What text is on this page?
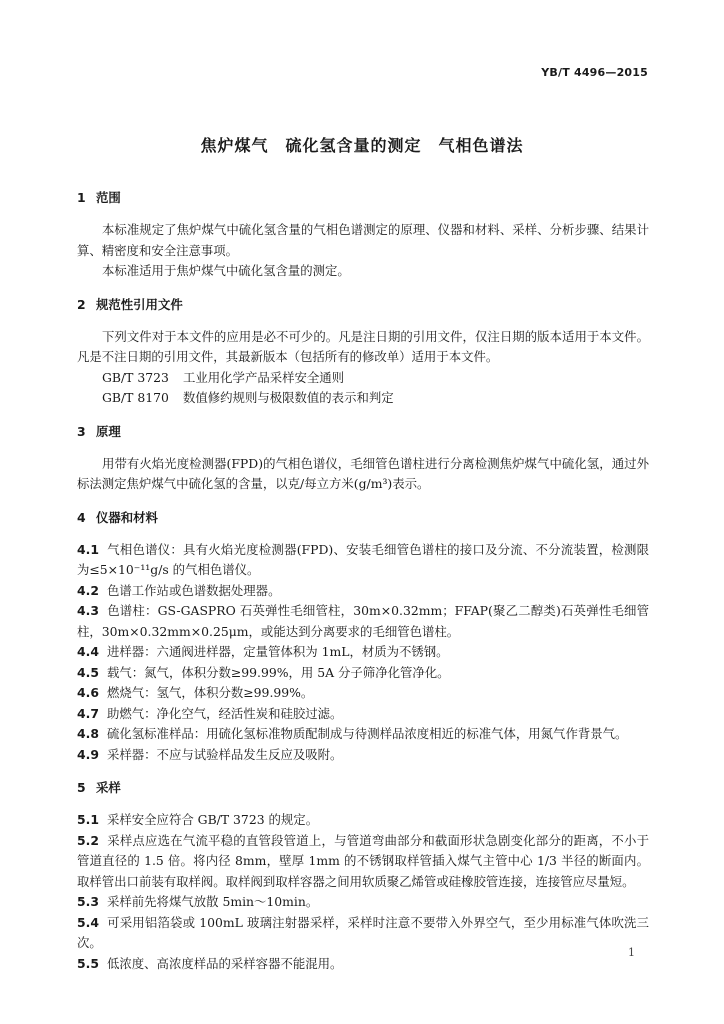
YB/T 4496—2015
焦炉煤气　硫化氢含量的测定　气相色谱法
1 范围

本标准规定了焦炉煤气中硫化氢含量的气相色谱测定的原理、仪器和材料、采样、分析步骤、结果计算、精密度和安全注意事项。

本标准适用于焦炉煤气中硫化氢含量的测定。

2 规范性引用文件

下列文件对于本文件的应用是必不可少的。凡是注日期的引用文件，仅注日期的版本适用于本文件。凡是不注日期的引用文件，其最新版本（包括所有的修改单）适用于本文件。

GB/T 3723 工业用化学产品采样安全通则

GB/T 8170 数值修约规则与极限数值的表示和判定

3 原理

用带有火焰光度检测器(FPD)的气相色谱仪，毛细管色谱柱进行分离检测焦炉煤气中硫化氢，通过外标法测定焦炉煤气中硫化氢的含量，以克/每立方米(g/m³)表示。

4 仪器和材料

4.1 气相色谱仪：具有火焰光度检测器(FPD)、安装毛细管色谱柱的接口及分流、不分流装置，检测限为≤5×10⁻¹¹g/s 的气相色谱仪。

4.2 色谱工作站或色谱数据处理器。

4.3 色谱柱：GS-GASPRO 石英弹性毛细管柱，30m×0.32mm；FFAP(聚乙二醇类)石英弹性毛细管柱，30m×0.32mm×0.25μm，或能达到分离要求的毛细管色谱柱。

4.4 进样器：六通阀进样器，定量管体积为 1mL，材质为不锈钢。

4.5 载气：氮气，体积分数≥99.99%，用 5A 分子筛净化管净化。

4.6 燃烧气：氢气，体积分数≥99.99%。

4.7 助燃气：净化空气，经活性炭和硅胶过滤。

4.8 硫化氢标准样品：用硫化氢标准物质配制成与待测样品浓度相近的标准气体，用氮气作背景气。

4.9 采样器：不应与试验样品发生反应及吸附。

5 采样

5.1 采样安全应符合 GB/T 3723 的规定。

5.2 采样点应选在气流平稳的直管段管道上，与管道弯曲部分和截面形状急剧变化部分的距离，不小于管道直径的 1.5 倍。将内径 8mm，壁厚 1mm 的不锈钢取样管插入煤气主管中心 1/3 半径的断面内。取样管出口前装有取样阀。取样阀到取样容器之间用软质聚乙烯管或硅橡胶管连接，连接管应尽量短。

5.3 采样前先将煤气放散 5min～10min。

5.4 可采用铝箔袋或 100mL 玻璃注射器采样，采样时注意不要带入外界空气，至少用标准气体吹洗三次。

5.5 低浓度、高浓度样品的采样容器不能混用。

1
